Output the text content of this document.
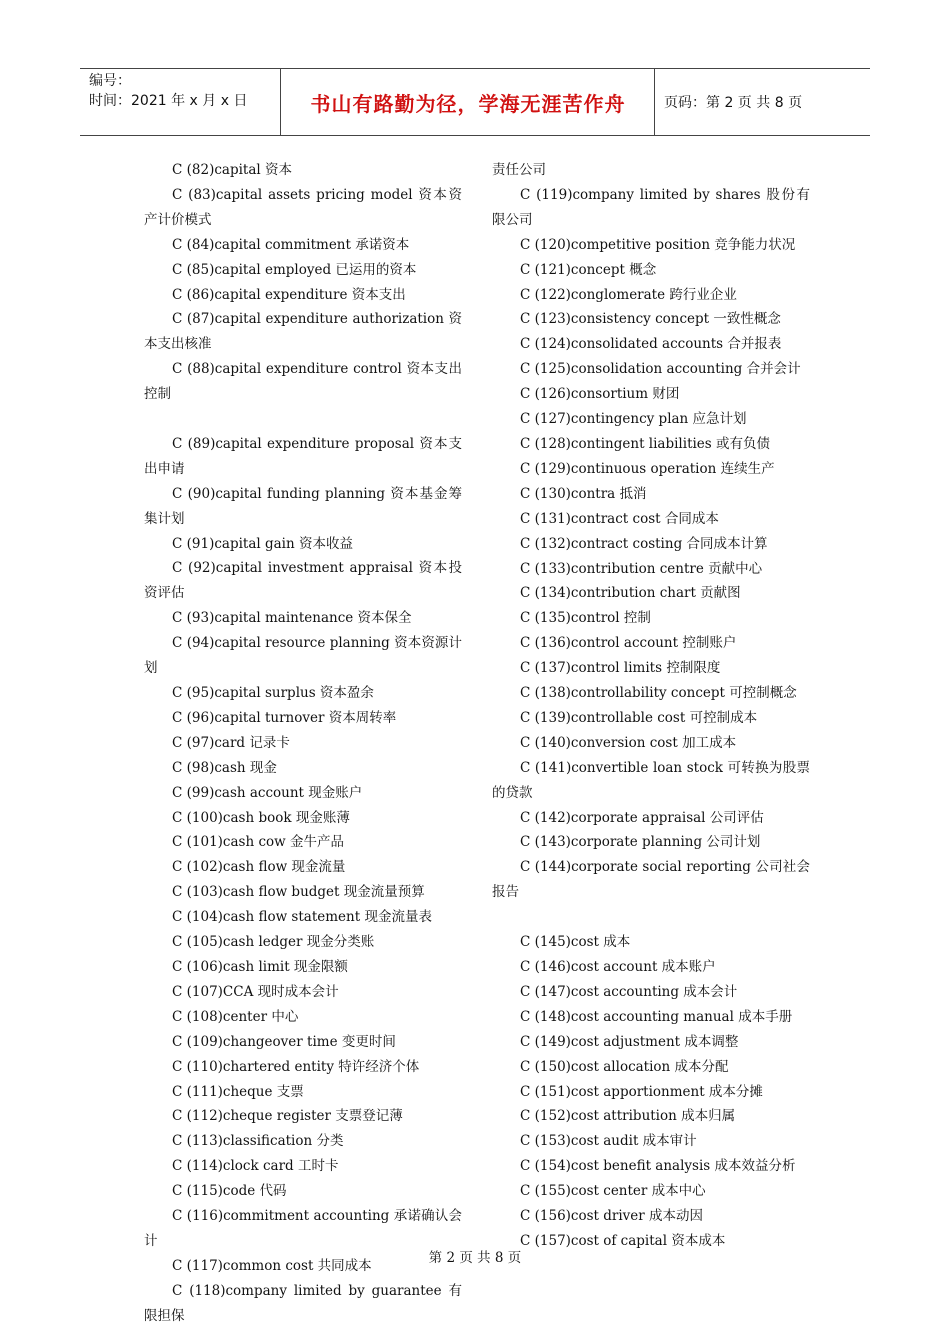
编号：
时间：2021 年 x 月 x 日	书山有路勤为径，学海无涯苦作舟	页码：第 2 页 共 8 页
C (82)capital 资本
C (83)capital assets pricing model 资本资产计价模式
C (84)capital commitment 承诺资本
C (85)capital employed 已运用的资本
C (86)capital expenditure 资本支出
C (87)capital expenditure authorization 资本支出核准
C (88)capital expenditure control 资本支出控制
C (89)capital expenditure proposal 资本支出申请
C (90)capital funding planning 资本基金筹集计划
C (91)capital gain 资本收益
C (92)capital investment appraisal 资本投资评估
C (93)capital maintenance 资本保全
C (94)capital resource planning 资本资源计划
C (95)capital surplus 资本盈余
C (96)capital turnover 资本周转率
C (97)card 记录卡
C (98)cash 现金
C (99)cash account 现金账户
C (100)cash book 现金账薄
C (101)cash cow 金牛产品
C (102)cash flow 现金流量
C (103)cash flow budget 现金流量预算
C (104)cash flow statement 现金流量表
C (105)cash ledger 现金分类账
C (106)cash limit 现金限额
C (107)CCA 现时成本会计
C (108)center 中心
C (109)changeover time 变更时间
C (110)chartered entity 特许经济个体
C (111)cheque 支票
C (112)cheque register 支票登记薄
C (113)classification 分类
C (114)clock card 工时卡
C (115)code 代码
C (116)commitment accounting 承诺确认会计
C (117)common cost 共同成本
C (118)company limited by guarantee 有限担保
责任公司
C (119)company limited by shares 股份有限公司
C (120)competitive position 竞争能力状况
C (121)concept 概念
C (122)conglomerate 跨行业企业
C (123)consistency concept 一致性概念
C (124)consolidated accounts 合并报表
C (125)consolidation accounting 合并会计
C (126)consortium 财团
C (127)contingency plan 应急计划
C (128)contingent liabilities 或有负债
C (129)continuous operation 连续生产
C (130)contra 抵消
C (131)contract cost 合同成本
C (132)contract costing 合同成本计算
C (133)contribution centre 贡献中心
C (134)contribution chart 贡献图
C (135)control 控制
C (136)control account 控制账户
C (137)control limits 控制限度
C (138)controllability concept 可控制概念
C (139)controllable cost 可控制成本
C (140)conversion cost 加工成本
C (141)convertible loan stock 可转换为股票的贷款
C (142)corporate appraisal 公司评估
C (143)corporate planning 公司计划
C (144)corporate social reporting 公司社会报告
C (145)cost 成本
C (146)cost account 成本账户
C (147)cost accounting 成本会计
C (148)cost accounting manual 成本手册
C (149)cost adjustment 成本调整
C (150)cost allocation 成本分配
C (151)cost apportionment 成本分摊
C (152)cost attribution 成本归属
C (153)cost audit 成本审计
C (154)cost benefit analysis 成本效益分析
C (155)cost center 成本中心
C (156)cost driver 成本动因
C (157)cost of capital 资本成本
第 2 页 共 8 页
